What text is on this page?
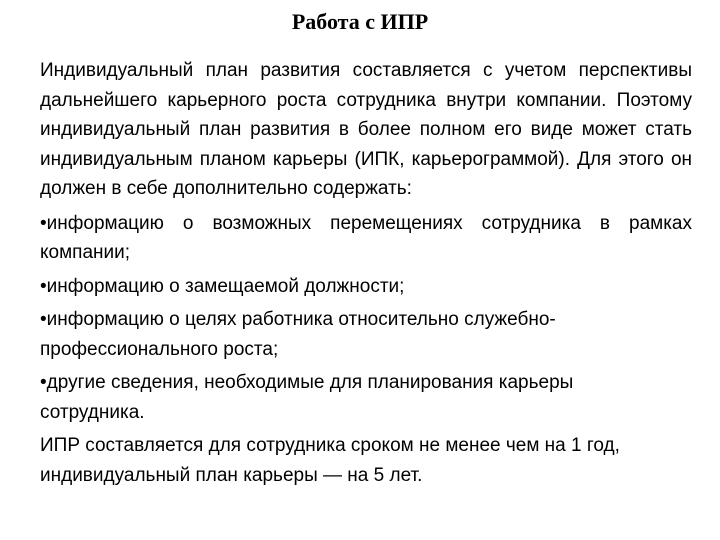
Работа с ИПР

Индивидуальный план развития составляется с учетом перспективы дальнейшего карьерного роста сотрудника внутри компании. Поэтому индивидуальный план развития в более полном его виде может стать индивидуальным планом карьеры (ИПК, карьерограммой). Для этого он должен в себе дополнительно содержать:

•информацию о возможных перемещениях сотрудника в рамках компании;

•информацию о замещаемой должности;

•информацию о целях работника относительно служебно-профессионального роста;

•другие сведения, необходимые для планирования карьеры сотрудника.

ИПР составляется для сотрудника сроком не менее чем на 1 год, индивидуальный план карьеры — на 5 лет.
